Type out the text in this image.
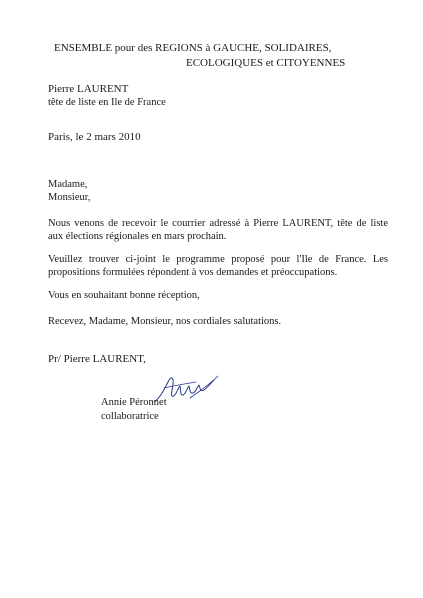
ENSEMBLE pour des REGIONS à GAUCHE, SOLIDAIRES,
ECOLOGIQUES et CITOYENNES
Pierre LAURENT
tête de liste en Ile de France
Paris, le 2 mars 2010
Madame,
Monsieur,
Nous venons de recevoir le courrier adressé à Pierre LAURENT, tête de liste aux élections régionales en mars prochain.
Veuillez trouver ci-joint le programme proposé pour l'Ile de France. Les propositions formulées répondent à vos demandes et préoccupations.
Vous en souhaitant bonne réception,
Recevez, Madame, Monsieur, nos cordiales salutations.
Pr/ Pierre LAURENT,
Annie Péronnet
collaboratrice
